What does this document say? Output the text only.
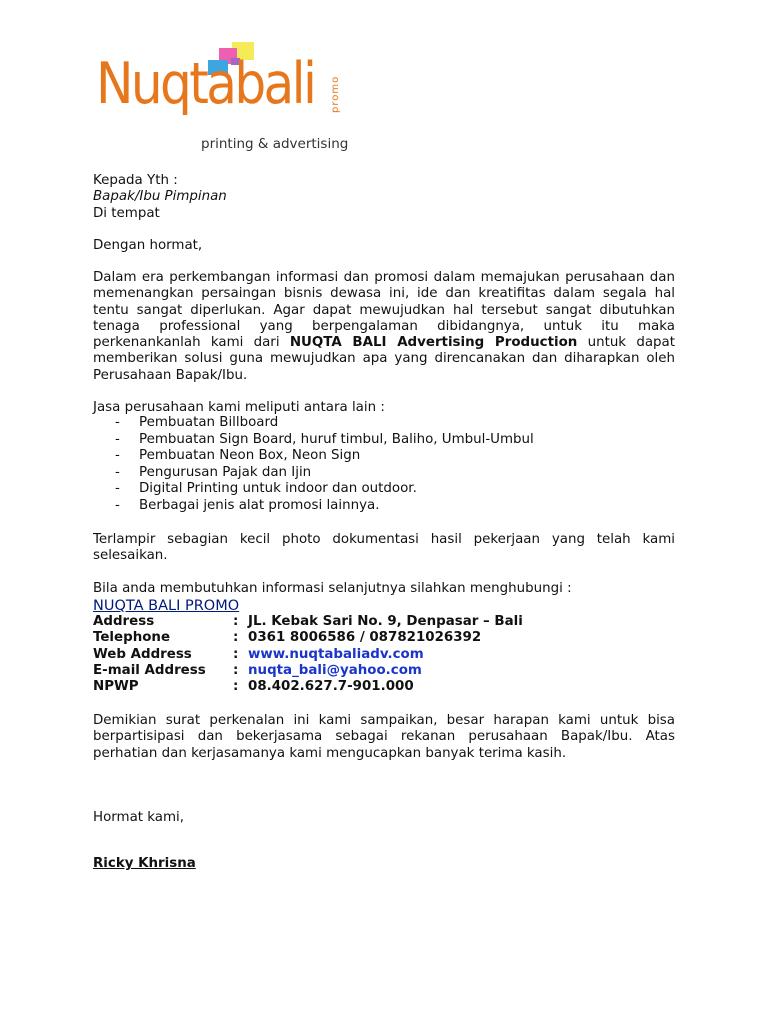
Nuqtabali promo
printing & advertising
Kepada Yth :
Bapak/Ibu Pimpinan
Di tempat
Dengan hormat,
Dalam era perkembangan informasi dan promosi dalam memajukan perusahaan dan memenangkan persaingan bisnis dewasa ini, ide dan kreatifitas dalam segala hal tentu sangat diperlukan. Agar dapat mewujudkan hal tersebut sangat dibutuhkan tenaga professional yang berpengalaman dibidangnya, untuk itu maka perkenankanlah kami dari NUQTA BALI Advertising Production untuk dapat memberikan solusi guna mewujudkan apa yang direncanakan dan diharapkan oleh Perusahaan Bapak/Ibu.
Jasa perusahaan kami meliputi antara lain :
- Pembuatan Billboard
- Pembuatan Sign Board, huruf timbul, Baliho, Umbul-Umbul
- Pembuatan Neon Box, Neon Sign
- Pengurusan Pajak dan Ijin
- Digital Printing untuk indoor dan outdoor.
- Berbagai jenis alat promosi lainnya.
Terlampir sebagian kecil photo dokumentasi hasil pekerjaan yang telah kami selesaikan.
Bila anda membutuhkan informasi selanjutnya silahkan menghubungi :
NUQTA BALI PROMO
Address	:	JL. Kebak Sari No. 9, Denpasar – Bali
Telephone	:	0361 8006586 / 087821026392
Web Address	:	www.nuqtabaliadv.com
E-mail Address	:	nuqta_bali@yahoo.com
NPWP	:	08.402.627.7-901.000
Demikian surat perkenalan ini kami sampaikan, besar harapan kami untuk bisa berpartisipasi dan bekerjasama sebagai rekanan perusahaan Bapak/Ibu. Atas perhatian dan kerjasamanya kami mengucapkan banyak terima kasih.
Hormat kami,
Ricky Khrisna
